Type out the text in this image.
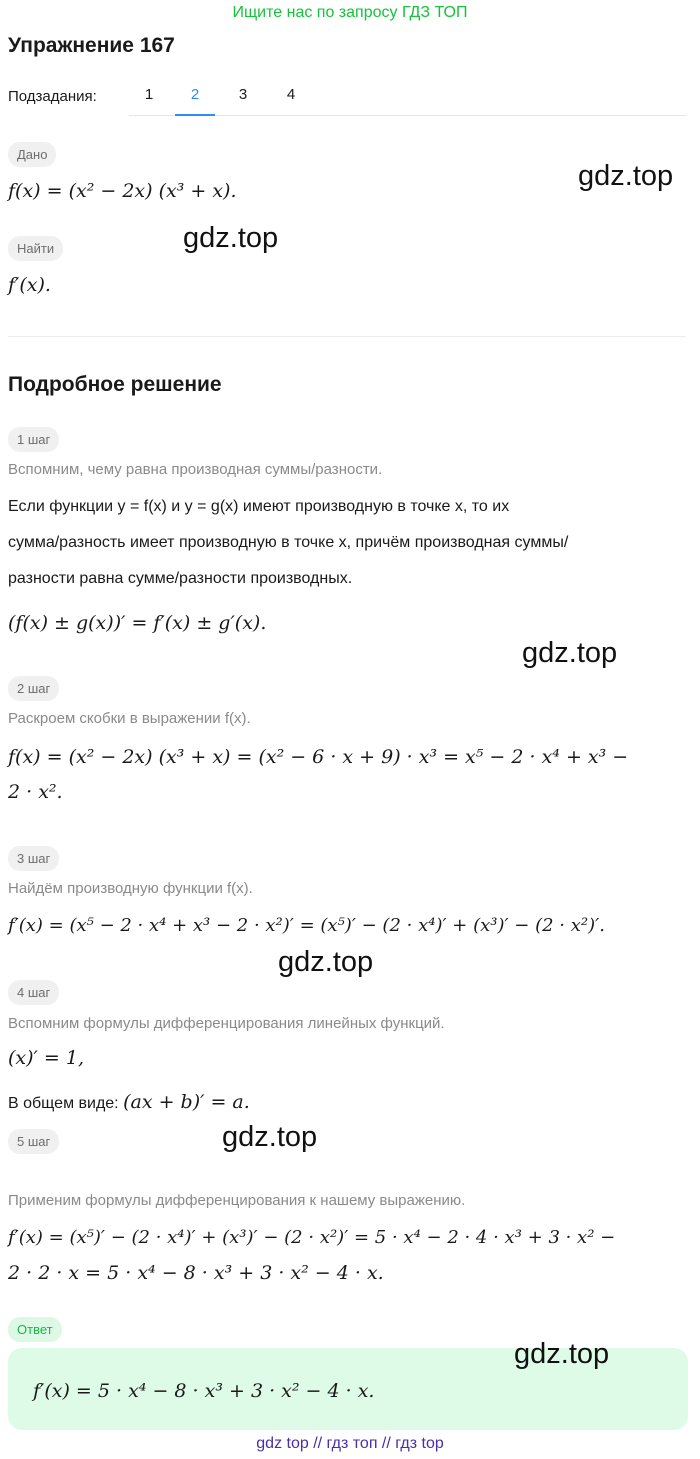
Ищите нас по запросу ГДЗ ТОП
Упражнение 167
Подзадания:	1	2	3	4
Дано
f(x) = (x² − 2x) (x³ + x).	gdz.top
Найти	gdz.top
f′(x).
Подробное решение
1 шаг
Вспомним, чему равна производная суммы/разности.
Если функции y = f(x) и y = g(x) имеют производную в точке x, то их
сумма/разность имеет производную в точке x, причём производная суммы/
разности равна сумме/разности производных.
(f(x) ± g(x))′ = f′(x) ± g′(x).
gdz.top
2 шаг
Раскроем скобки в выражении f(x).
f(x) = (x² − 2x) (x³ + x) = (x² − 6 · x + 9) · x³ = x⁵ − 2 · x⁴ + x³ −
2 · x².
3 шаг
Найдём производную функции f(x).
f′(x) = (x⁵ − 2 · x⁴ + x³ − 2 · x²)′ = (x⁵)′ − (2 · x⁴)′ + (x³)′ − (2 · x²)′.
gdz.top
4 шаг
Вспомним формулы дифференцирования линейных функций.
(x)′ = 1,
В общем виде: (ax + b)′ = a.
gdz.top
5 шаг
Применим формулы дифференцирования к нашему выражению.
f′(x) = (x⁵)′ − (2 · x⁴)′ + (x³)′ − (2 · x²)′ = 5 · x⁴ − 2 · 4 · x³ + 3 · x² −
2 · 2 · x = 5 · x⁴ − 8 · x³ + 3 · x² − 4 · x.
Ответ
f′(x) = 5 · x⁴ − 8 · x³ + 3 · x² − 4 · x.
gdz.top
gdz top // гдз топ // гдз top
